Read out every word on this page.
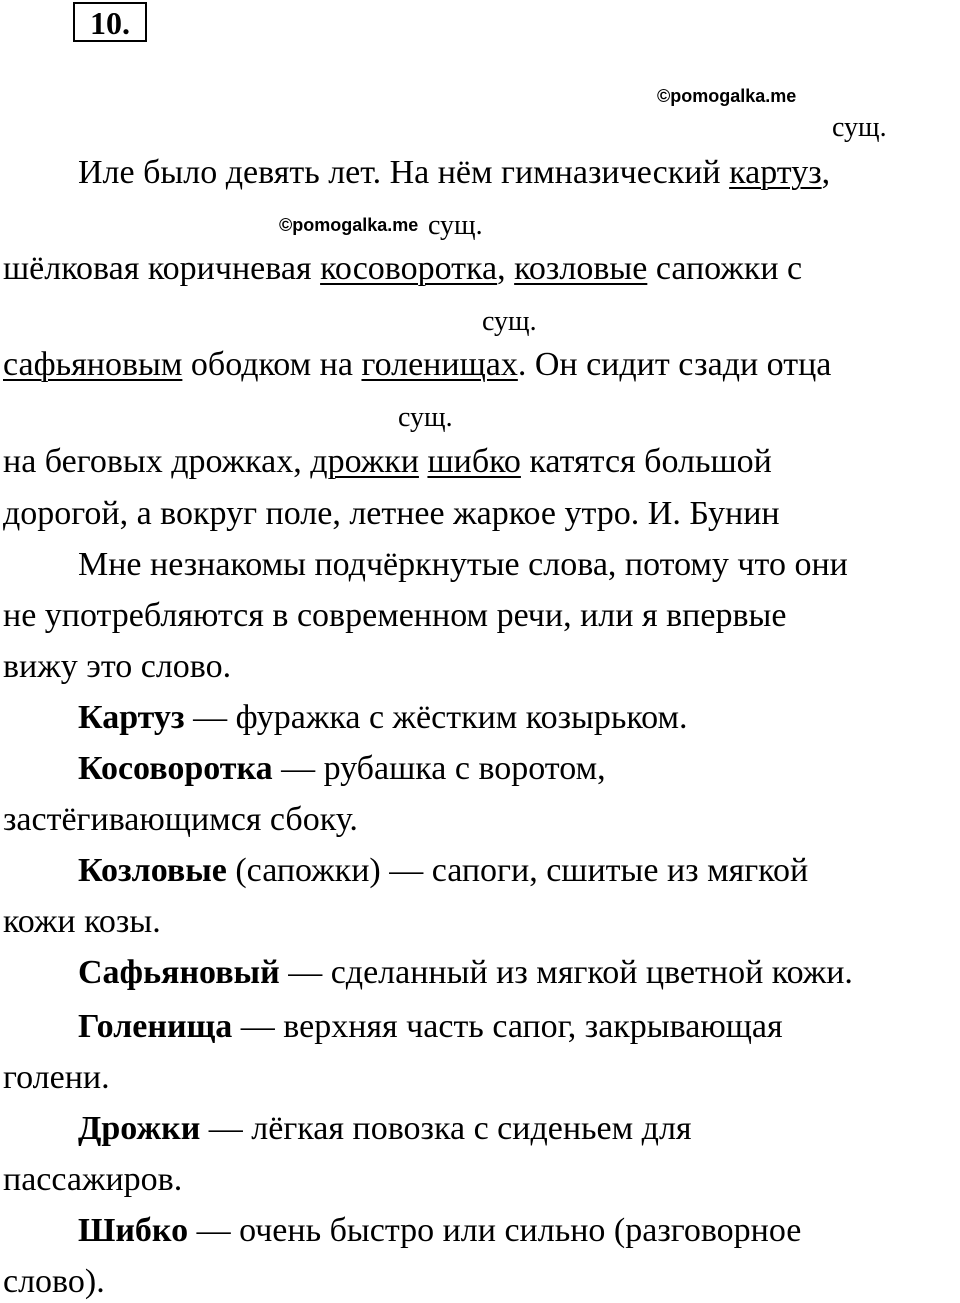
10.
©pomogalka.me
©pomogalka.me
сущ.
сущ.
сущ.
сущ.
Иле было девять лет. На нём гимназический картуз,
шёлковая коричневая косоворотка, козловые сапожки с
сафьяновым ободком на голенищах. Он сидит сзади отца
на беговых дрожках, дрожки шибко катятся большой
дорогой, а вокруг поле, летнее жаркое утро. И. Бунин
Мне незнакомы подчёркнутые слова, потому что они
не употребляются в современном речи, или я впервые
вижу это слово.
Картуз — фуражка с жёстким козырьком.
Косоворотка — рубашка с воротом,
застёгивающимся сбоку.
Козловые (сапожки) — сапоги, сшитые из мягкой
кожи козы.
Сафьяновый — сделанный из мягкой цветной кожи.
Голенища — верхняя часть сапог, закрывающая
голени.
Дрожки — лёгкая повозка с сиденьем для
пассажиров.
Шибко — очень быстро или сильно (разговорное
слово).
